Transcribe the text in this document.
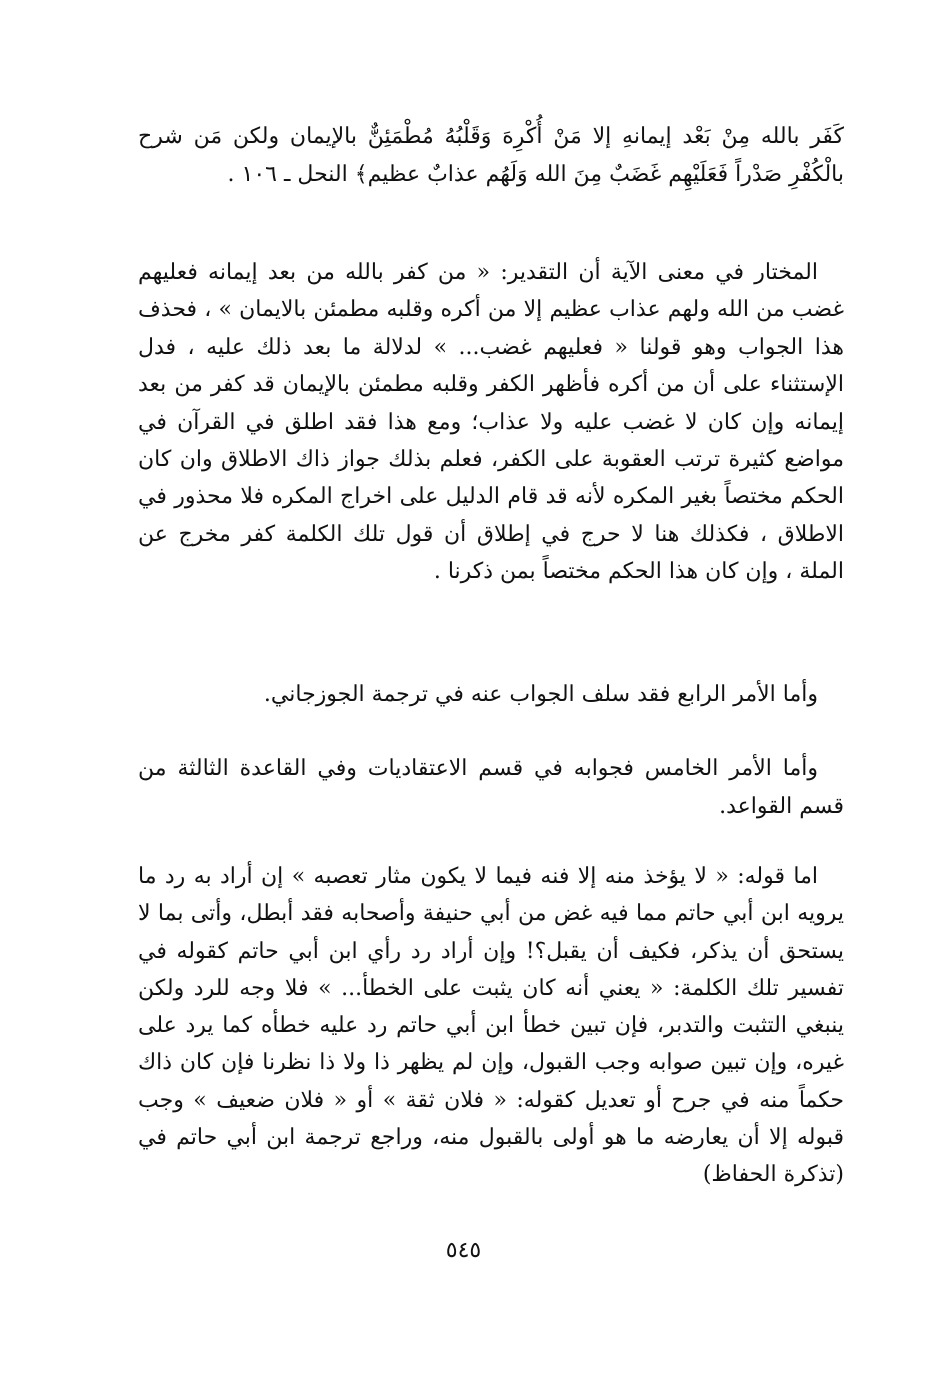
كَفَر بالله مِنْ بَعْد إيمانهِ إلا مَنْ أُكْرِهَ وَقَلْبُهُ مُطْمَئِنٌّ بالإيمان ولكن مَن شرح بالْكُفْرِ صَدْراً فَعَلَيْهِم غَضَبٌ مِنَ الله وَلَهُم عذابٌ عظيم﴾ النحل ـ ١٠٦ .

المختار في معنى الآية أن التقدير: « من كفر بالله من بعد إيمانه فعليهم غضب من الله ولهم عذاب عظيم إلا من أكره وقلبه مطمئن بالايمان » ، فحذف هذا الجواب وهو قولنا « فعليهم غضب... » لدلالة ما بعد ذلك عليه ، فدل الإستثناء على أن من أكره فأظهر الكفر وقلبه مطمئن بالإيمان قد كفر من بعد إيمانه وإن كان لا غضب عليه ولا عذاب؛ ومع هذا فقد اطلق في القرآن في مواضع كثيرة ترتب العقوبة على الكفر، فعلم بذلك جواز ذاك الاطلاق وان كان الحكم مختصاً بغير المكره لأنه قد قام الدليل على اخراج المكره فلا محذور في الاطلاق ، فكذلك هنا لا حرج في إطلاق أن قول تلك الكلمة كفر مخرج عن الملة ، وإن كان هذا الحكم مختصاً بمن ذكرنا .

وأما الأمر الرابع فقد سلف الجواب عنه في ترجمة الجوزجاني.

وأما الأمر الخامس فجوابه في قسم الاعتقاديات وفي القاعدة الثالثة من قسم القواعد.

اما قوله: « لا يؤخذ منه إلا فنه فيما لا يكون مثار تعصبه » إن أراد به رد ما يرويه ابن أبي حاتم مما فيه غض من أبي حنيفة وأصحابه فقد أبطل، وأتى بما لا يستحق أن يذكر، فكيف أن يقبل؟! وإن أراد رد رأي ابن أبي حاتم كقوله في تفسير تلك الكلمة: « يعني أنه كان يثبت على الخطأ... » فلا وجه للرد ولكن ينبغي التثبت والتدبر، فإن تبين خطأ ابن أبي حاتم رد عليه خطأه كما يرد على غيره، وإن تبين صوابه وجب القبول، وإن لم يظهر ذا ولا ذا نظرنا فإن كان ذاك حكماً منه في جرح أو تعديل كقوله: « فلان ثقة » أو « فلان ضعيف » وجب قبوله إلا أن يعارضه ما هو أولى بالقبول منه، وراجع ترجمة ابن أبي حاتم في (تذكرة الحفاظ)

٥٤٥
